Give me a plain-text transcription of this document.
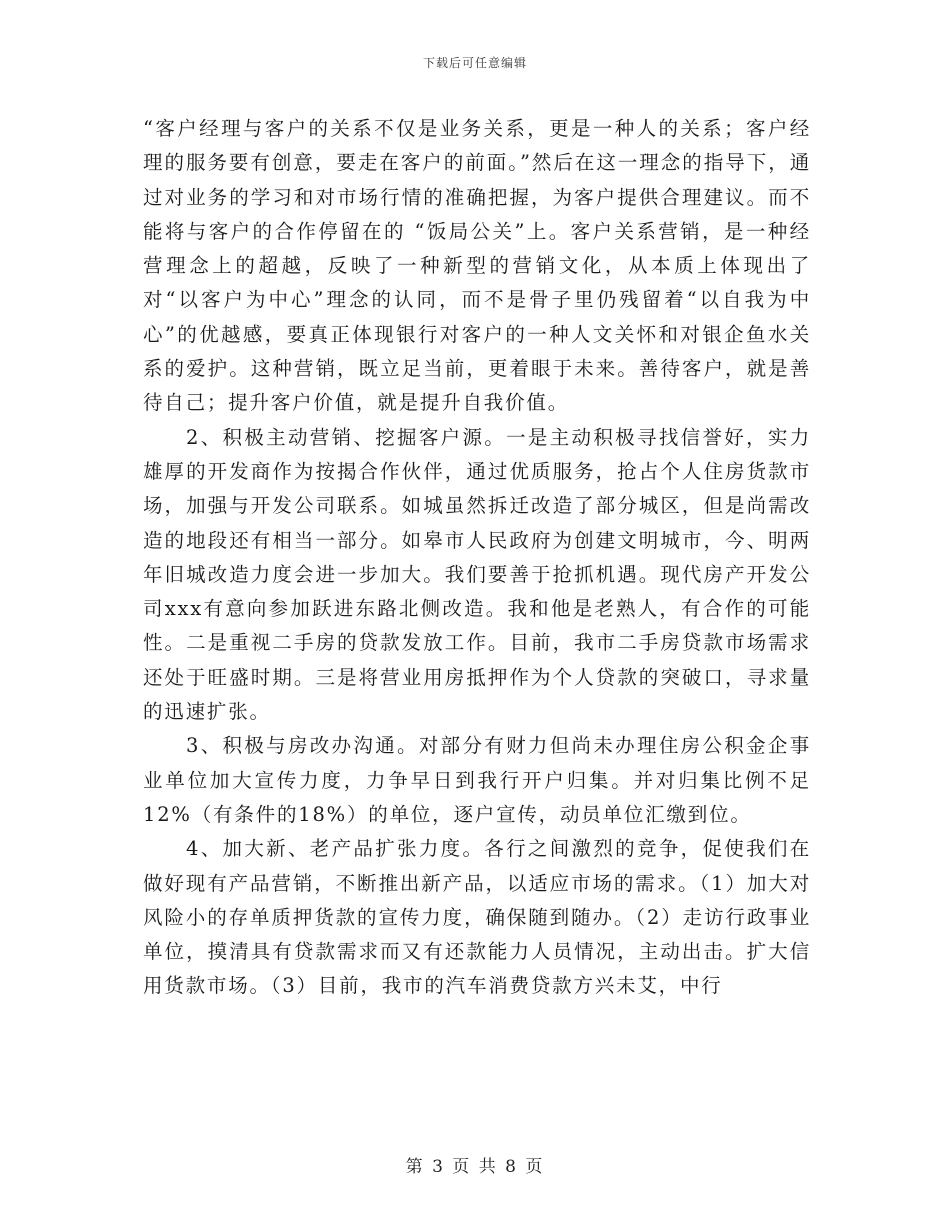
下载后可任意编辑

“客户经理与客户的关系不仅是业务关系，更是一种人的关系；客户经理的服务要有创意，要走在客户的前面。”然后在这一理念的指导下，通过对业务的学习和对市场行情的准确把握，为客户提供合理建议。而不能将与客户的合作停留在的 “饭局公关”上。客户关系营销，是一种经营理念上的超越，反映了一种新型的营销文化，从本质上体现出了对“以客户为中心”理念的认同，而不是骨子里仍残留着“以自我为中心”的优越感，要真正体现银行对客户的一种人文关怀和对银企鱼水关系的爱护。这种营销，既立足当前，更着眼于未来。善待客户，就是善待自己；提升客户价值，就是提升自我价值。

2、积极主动营销、挖掘客户源。一是主动积极寻找信誉好，实力雄厚的开发商作为按揭合作伙伴，通过优质服务，抢占个人住房货款市场，加强与开发公司联系。如城虽然拆迁改造了部分城区，但是尚需改造的地段还有相当一部分。如皋市人民政府为创建文明城市，今、明两年旧城改造力度会进一步加大。我们要善于抢抓机遇。现代房产开发公司xxx有意向参加跃进东路北侧改造。我和他是老熟人，有合作的可能性。二是重视二手房的贷款发放工作。目前，我市二手房贷款市场需求还处于旺盛时期。三是将营业用房抵押作为个人贷款的突破口，寻求量的迅速扩张。

3、积极与房改办沟通。对部分有财力但尚未办理住房公积金企事业单位加大宣传力度，力争早日到我行开户归集。并对归集比例不足12%（有条件的18%）的单位，逐户宣传，动员单位汇缴到位。

4、加大新、老产品扩张力度。各行之间激烈的竞争，促使我们在做好现有产品营销，不断推出新产品，以适应市场的需求。（1）加大对风险小的存单质押货款的宣传力度，确保随到随办。（2）走访行政事业单位，摸清具有贷款需求而又有还款能力人员情况，主动出击。扩大信用货款市场。（3）目前，我市的汽车消费贷款方兴未艾，中行

第 3 页 共 8 页
